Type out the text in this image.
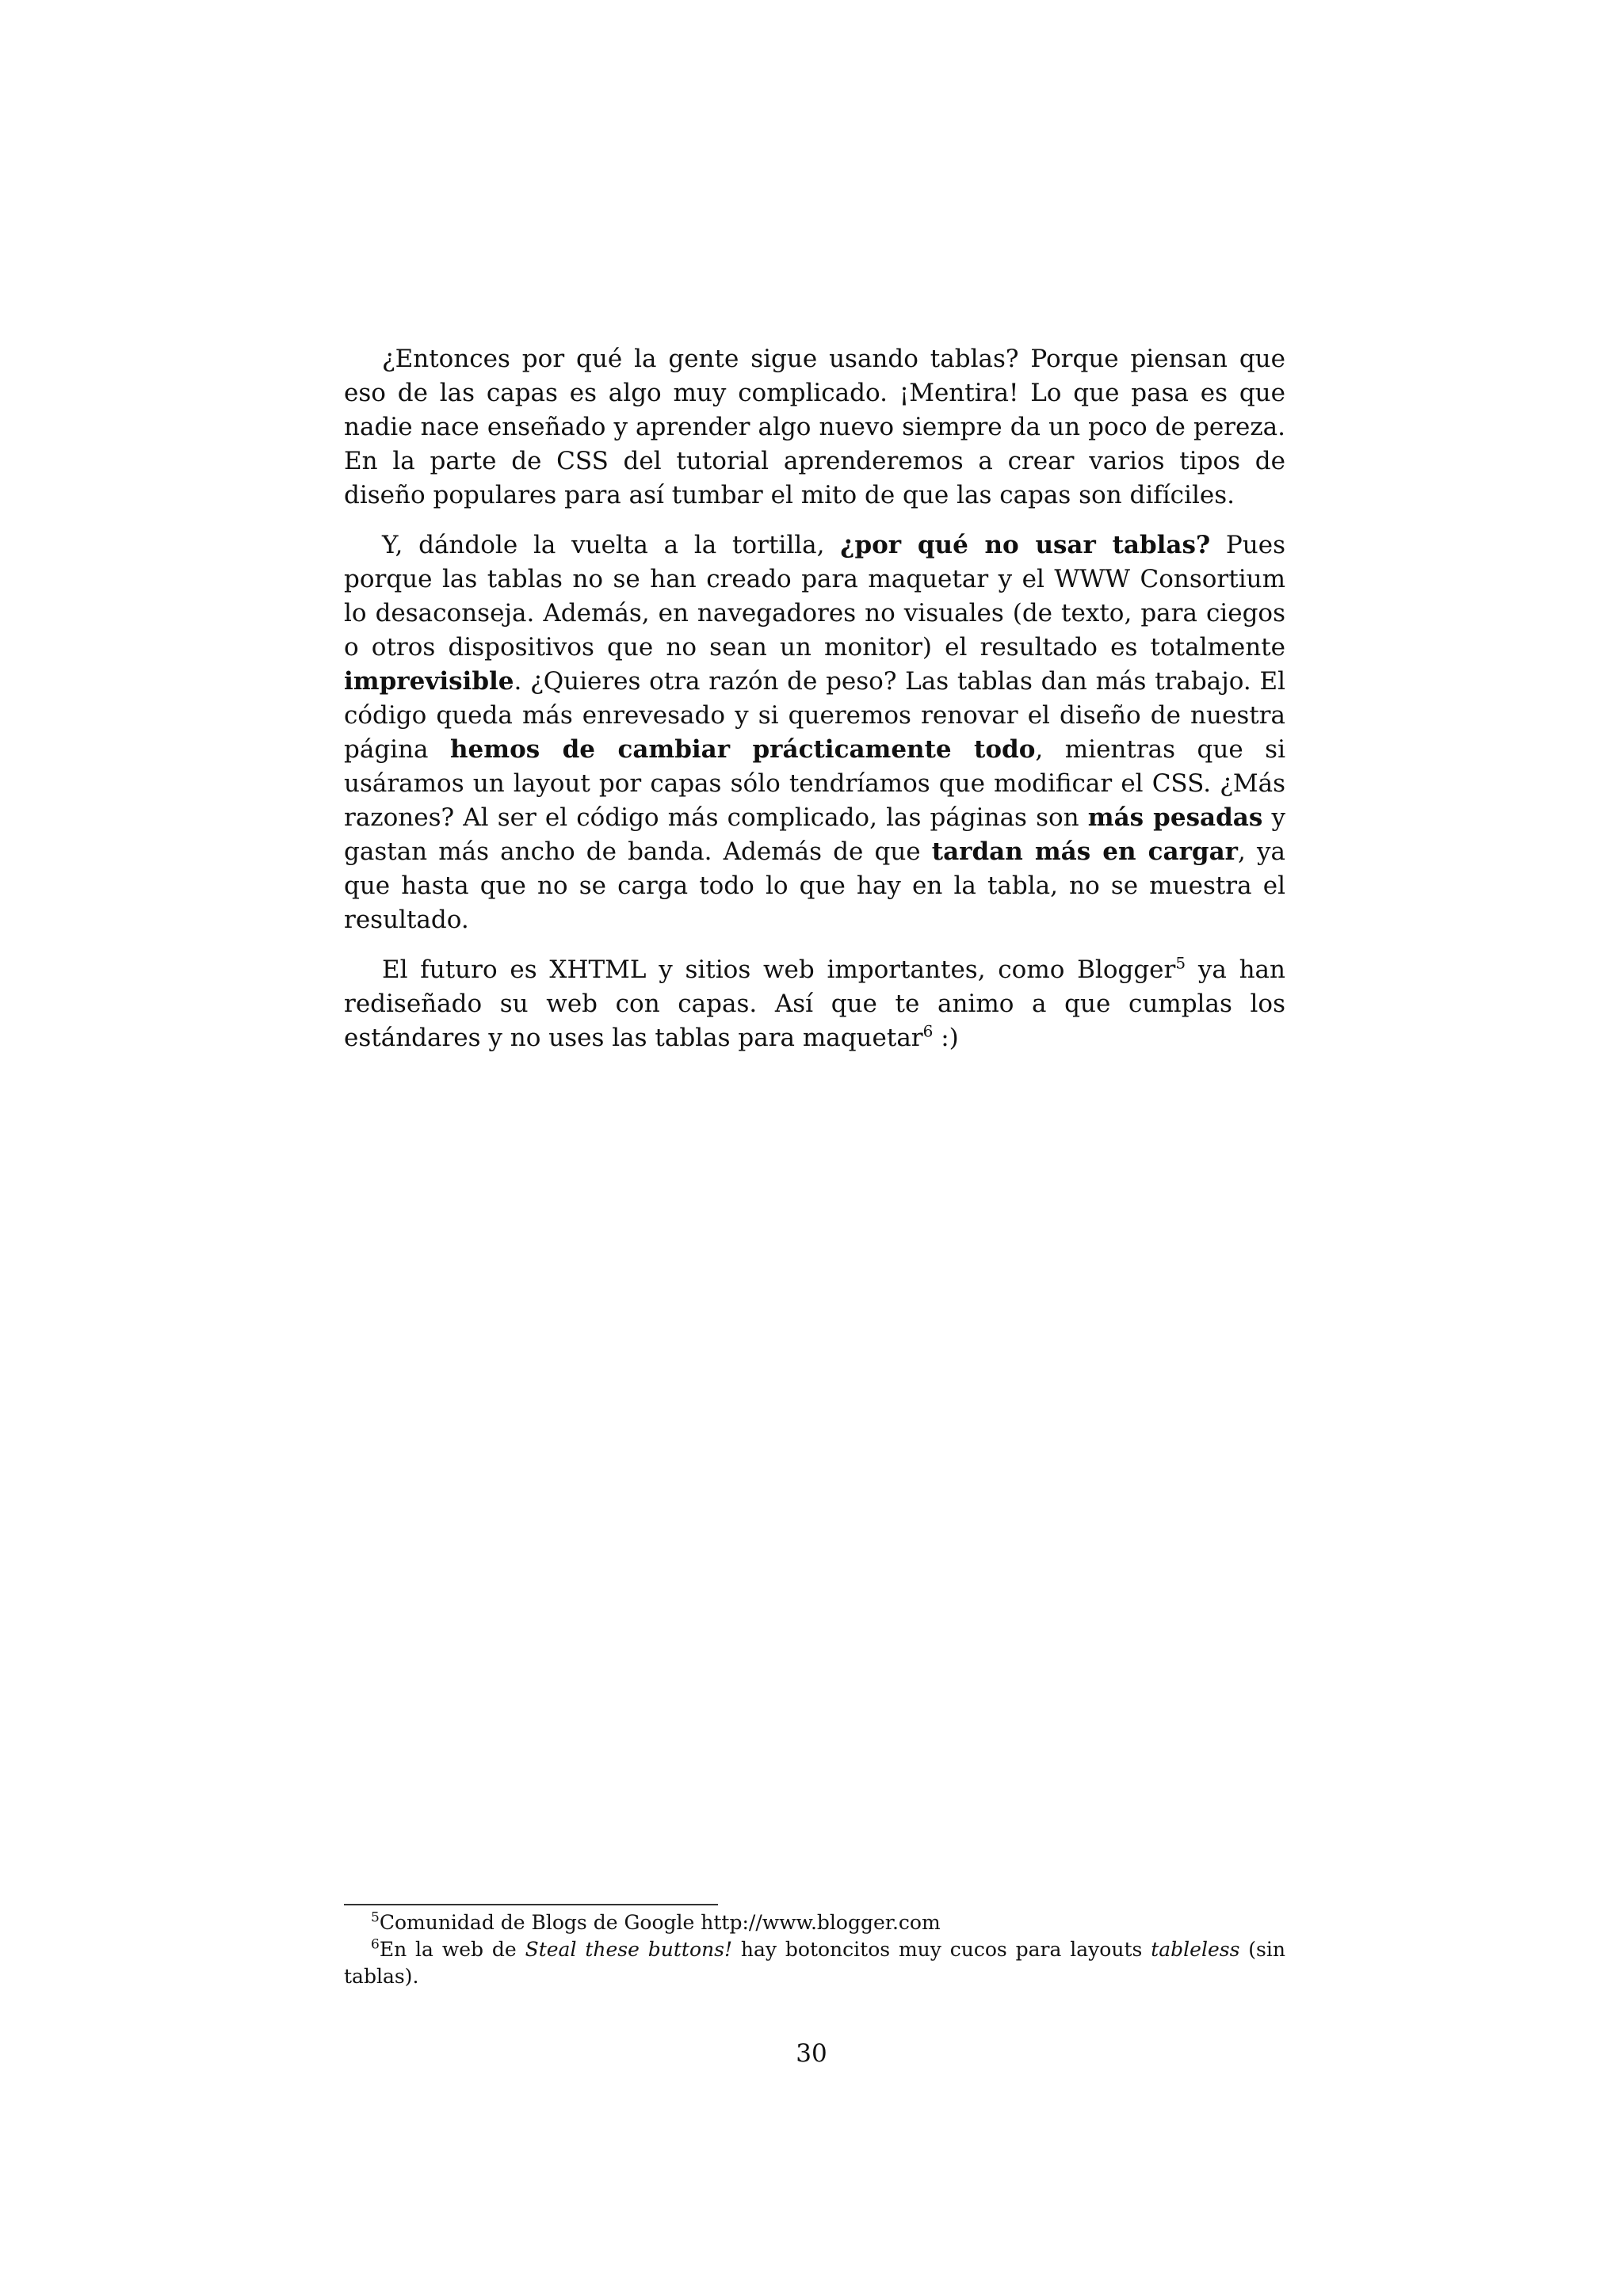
¿Entonces por qué la gente sigue usando tablas? Porque piensan que eso de las capas es algo muy complicado. ¡Mentira! Lo que pasa es que nadie nace enseñado y aprender algo nuevo siempre da un poco de pereza. En la parte de CSS del tutorial aprenderemos a crear varios tipos de diseño populares para así tumbar el mito de que las capas son difíciles.

Y, dándole la vuelta a la tortilla, ¿por qué no usar tablas? Pues porque las tablas no se han creado para maquetar y el WWW Consortium lo desaconseja. Además, en navegadores no visuales (de texto, para ciegos o otros dispositivos que no sean un monitor) el resultado es totalmente imprevisible. ¿Quieres otra razón de peso? Las tablas dan más trabajo. El código queda más enrevesado y si queremos renovar el diseño de nuestra página hemos de cambiar prácticamente todo, mientras que si usáramos un layout por capas sólo tendríamos que modificar el CSS. ¿Más razones? Al ser el código más complicado, las páginas son más pesadas y gastan más ancho de banda. Además de que tardan más en cargar, ya que hasta que no se carga todo lo que hay en la tabla, no se muestra el resultado.

El futuro es XHTML y sitios web importantes, como Blogger$^5$ ya han rediseñado su web con capas. Así que te animo a que cumplas los estándares y no uses las tablas para maquetar$^6$ :)

$^5$Comunidad de Blogs de Google http://www.blogger.com

$^6$En la web de Steal these buttons! hay botoncitos muy cucos para layouts tableless (sin tablas).

30
